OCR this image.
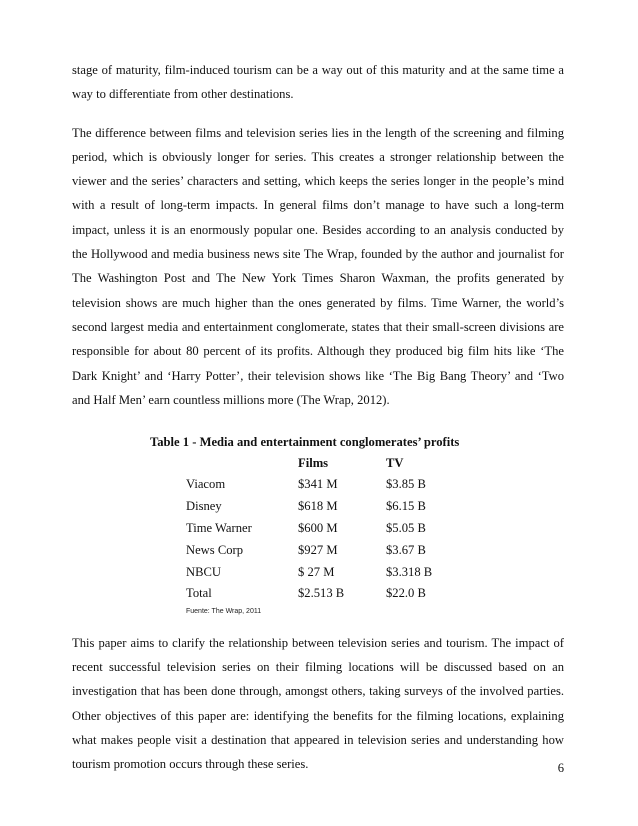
stage of maturity, film-induced tourism can be a way out of this maturity and at the same time a way to differentiate from other destinations.

The difference between films and television series lies in the length of the screening and filming period, which is obviously longer for series. This creates a stronger relationship between the viewer and the series’ characters and setting, which keeps the series longer in the people’s mind with a result of long-term impacts. In general films don’t manage to have such a long-term impact, unless it is an enormously popular one. Besides according to an analysis conducted by the Hollywood and media business news site The Wrap, founded by the author and journalist for The Washington Post and The New York Times Sharon Waxman, the profits generated by television shows are much higher than the ones generated by films. Time Warner, the world’s second largest media and entertainment conglomerate, states that their small-screen divisions are responsible for about 80 percent of its profits. Although they produced big film hits like ‘The Dark Knight’ and ‘Harry Potter’, their television shows like ‘The Big Bang Theory’ and ‘Two and Half Men’ earn countless millions more (The Wrap, 2012).

Table 1 - Media and entertainment conglomerates’ profits

	Films	TV
Viacom	$341 M	$3.85 B
Disney	$618 M	$6.15 B
Time Warner	$600 M	$5.05 B
News Corp	$927 M	$3.67 B
NBCU	$ 27 M	$3.318 B
Total	$2.513 B	$22.0 B
Fuente: The Wrap, 2011

This paper aims to clarify the relationship between television series and tourism. The impact of recent successful television series on their filming locations will be discussed based on an investigation that has been done through, amongst others, taking surveys of the involved parties. Other objectives of this paper are: identifying the benefits for the filming locations, explaining what makes people visit a destination that appeared in television series and understanding how tourism promotion occurs through these series.	6
